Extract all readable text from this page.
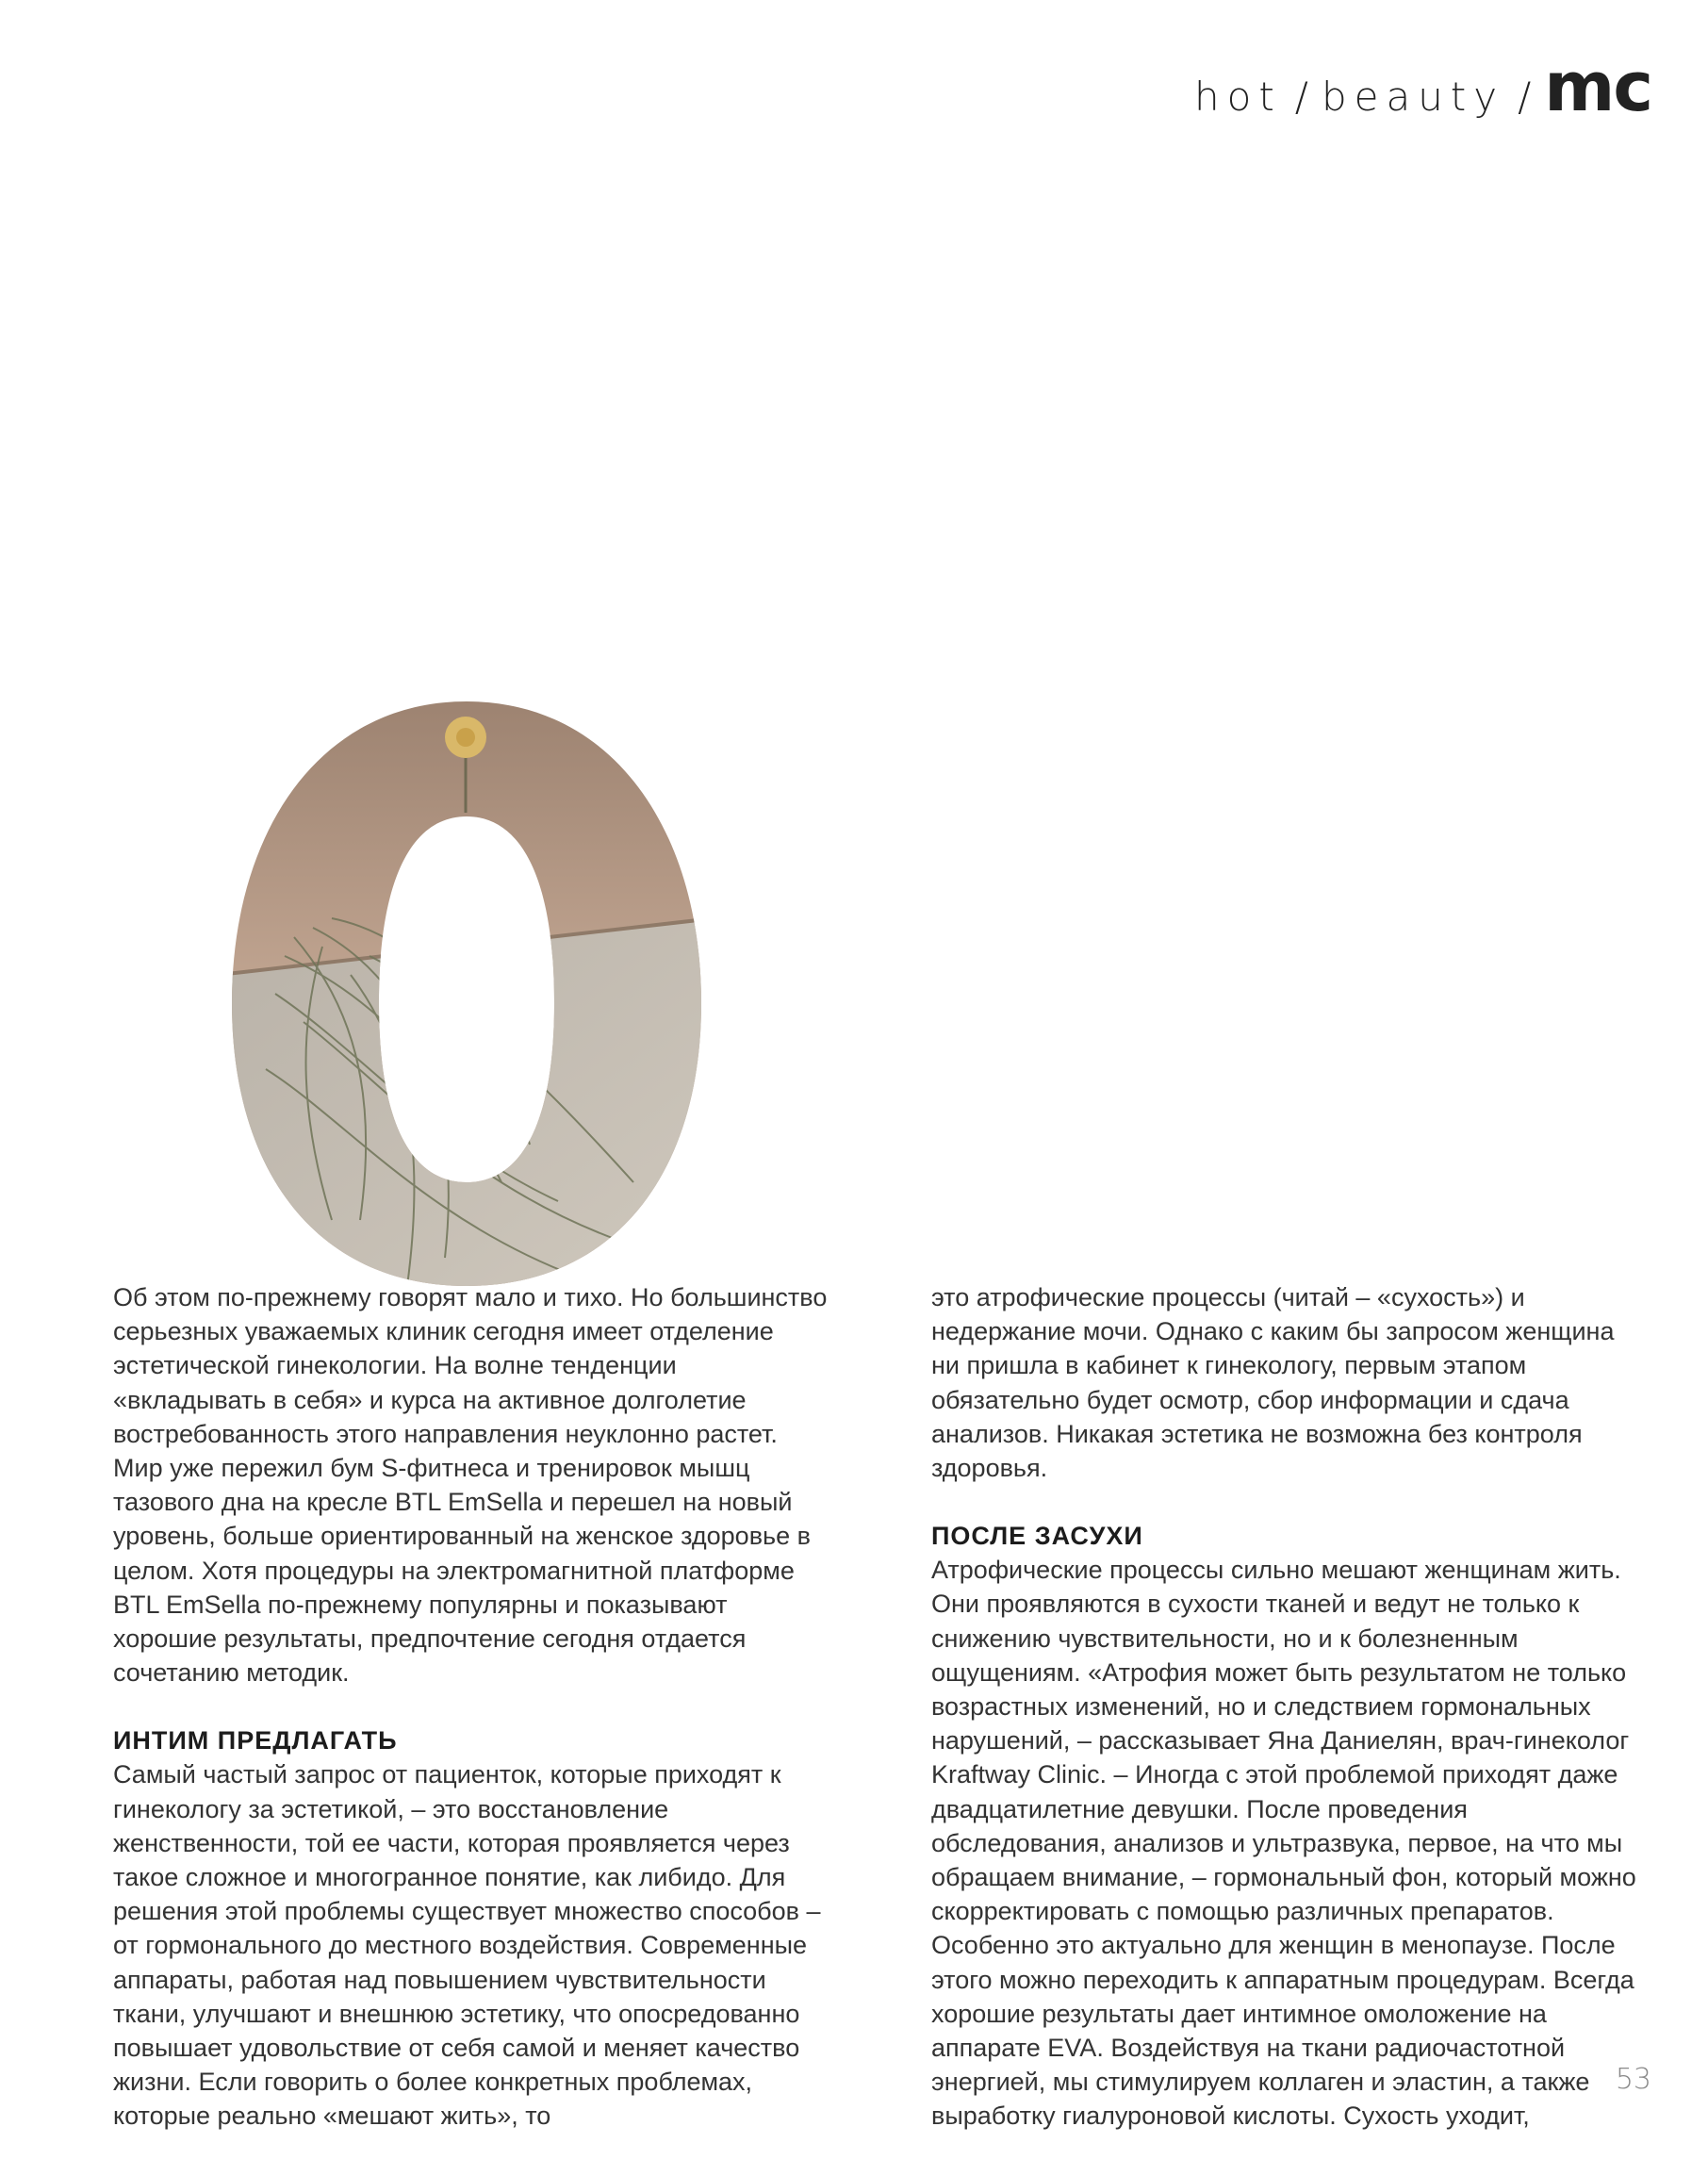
hot / beauty / mc

Об этом по-прежнему говорят мало и тихо. Но большинство серьезных уважаемых клиник сегодня имеет отделение эстетической гинекологии. На волне тенденции «вкладывать в себя» и курса на активное долголетие востребованность этого направления неуклонно растет. Мир уже пережил бум S-фитнеса и тренировок мышц тазового дна на кресле BTL EmSella и перешел на новый уровень, больше ориентированный на женское здоровье в целом. Хотя процедуры на электромагнитной платформе BTL EmSella по-прежнему популярны и показывают хорошие результаты, предпочтение сегодня отдается сочетанию методик.

ИНТИМ ПРЕДЛАГАТЬ

Самый частый запрос от пациенток, которые приходят к гинекологу за эстетикой, – это восстановление женственности, той ее части, которая проявляется через такое сложное и многогранное понятие, как либидо. Для решения этой проблемы существует множество способов – от гормонального до местного воздействия. Современные аппараты, работая над повышением чувствительности ткани, улучшают и внешнюю эстетику, что опосредованно повышает удовольствие от себя самой и меняет качество жизни. Если говорить о более конкретных проблемах, которые реально «мешают жить», то

это атрофические процессы (читай – «сухость») и недержание мочи. Однако с каким бы запросом женщина ни пришла в кабинет к гинекологу, первым этапом обязательно будет осмотр, сбор информации и сдача анализов. Никакая эстетика не возможна без контроля здоровья.

ПОСЛЕ ЗАСУХИ

Атрофические процессы сильно мешают женщинам жить. Они проявляются в сухости тканей и ведут не только к снижению чувствительности, но и к болезненным ощущениям. «Атрофия может быть результатом не только возрастных изменений, но и следствием гормональных нарушений, – рассказывает Яна Даниелян, врач-гинеколог Kraftway Clinic. – Иногда с этой проблемой приходят даже двадцатилетние девушки. После проведения обследования, анализов и ультразвука, первое, на что мы обращаем внимание, – гормональный фон, который можно скорректировать с помощью различных препаратов. Особенно это актуально для женщин в менопаузе. После этого можно переходить к аппаратным процедурам. Всегда хорошие результаты дает интимное омоложение на аппарате EVA. Воздействуя на ткани радиочастотной энергией, мы стимулируем коллаген и эластин, а также выработку гиалуроновой кислоты. Сухость уходит,

53
